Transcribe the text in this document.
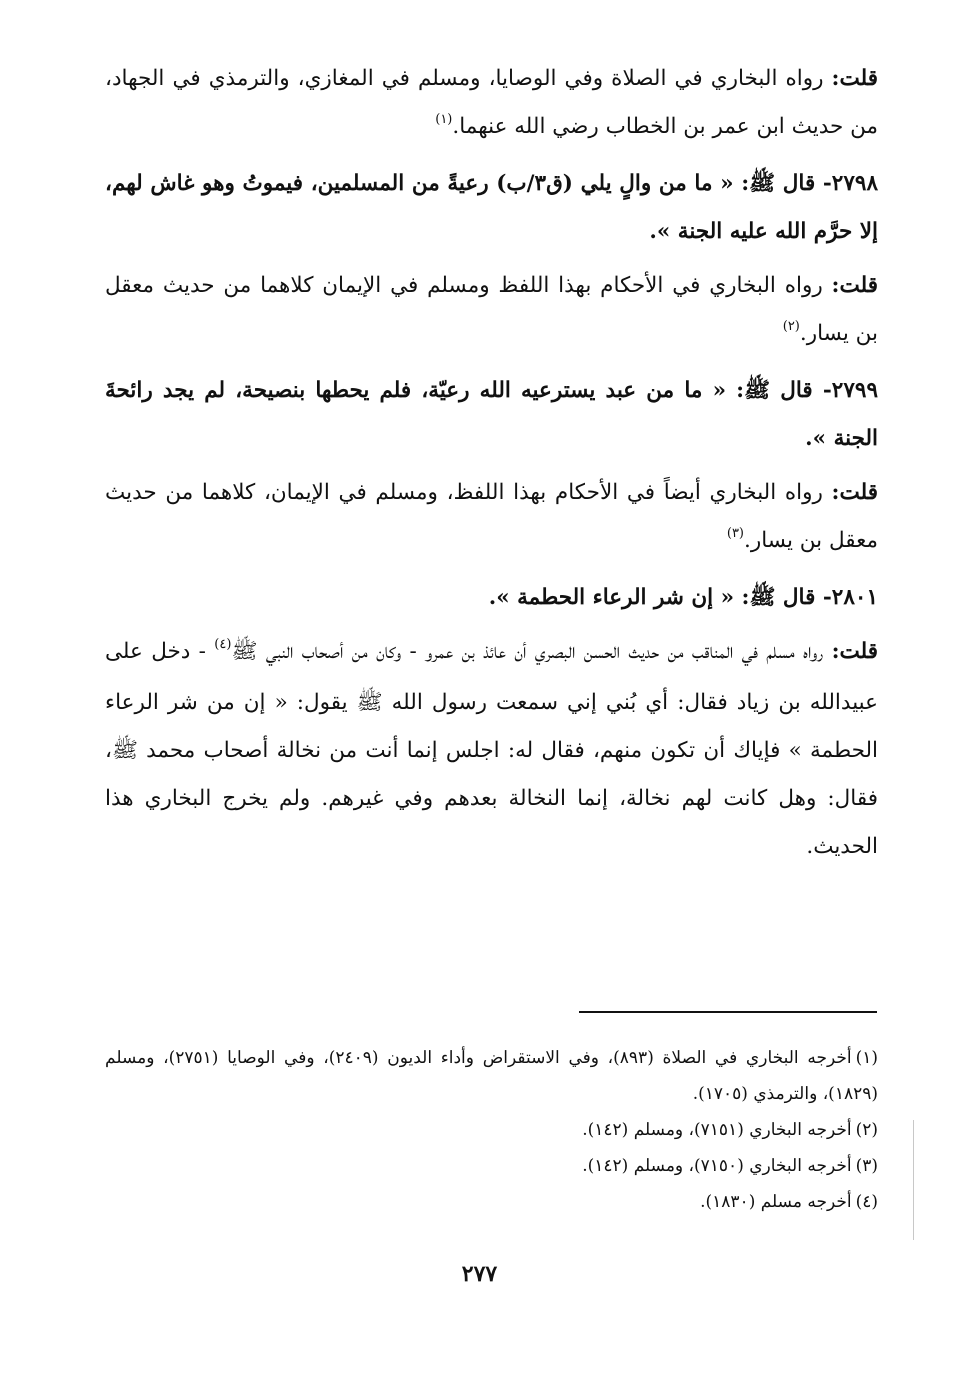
قلت: رواه البخاري في الصلاة وفي الوصايا، ومسلم في المغازي، والترمذي في الجهاد، من حديث ابن عمر بن الخطاب رضي الله عنهما.$^{(١)}$

٢٧٩٨- قال ﷺ: « ما من والٍ يلي (ق٣/ب) رعيةً من المسلمين، فيموتُ وهو غاش لهم، إلا حرَّم الله عليه الجنة ».

قلت: رواه البخاري في الأحكام بهذا اللفظ ومسلم في الإيمان كلاهما من حديث معقل بن يسار.$^{(٢)}$

٢٧٩٩- قال ﷺ: « ما من عبد يسترعيه الله رعيّة، فلم يحطها بنصيحة، لم يجد رائحةَ الجنة ».

قلت: رواه البخاري أيضاً في الأحكام بهذا اللفظ، ومسلم في الإيمان، كلاهما من حديث معقل بن يسار.$^{(٣)}$

٢٨٠١- قال ﷺ: « إن شر الرعاء الحطمة ».

قلت: رواه مسلم في المناقب من حديث الحسن البصري أن عائذ بن عمرو - وكان من أصحاب النبي ﷺ$^{(٤)}$ - دخل على عبيدالله بن زياد فقال: أي بُني إني سمعت رسول الله ﷺ يقول: « إن من شر الرعاء الحطمة » فإياك أن تكون منهم، فقال له: اجلس إنما أنت من نخالة أصحاب محمد ﷺ، فقال: وهل كانت لهم نخالة، إنما النخالة بعدهم وفي غيرهم. ولم يخرج البخاري هذا الحديث.

(١)أخرجه البخاري في الصلاة (٨٩٣)، وفي الاستقراض وأداء الديون (٢٤٠٩)، وفي الوصايا (٢٧٥١)، ومسلم (١٨٢٩)، والترمذي (١٧٠٥).

(٢)أخرجه البخاري (٧١٥١)، ومسلم (١٤٢).

(٣)أخرجه البخاري (٧١٥٠)، ومسلم (١٤٢).

(٤)أخرجه مسلم (١٨٣٠).

٢٧٧
